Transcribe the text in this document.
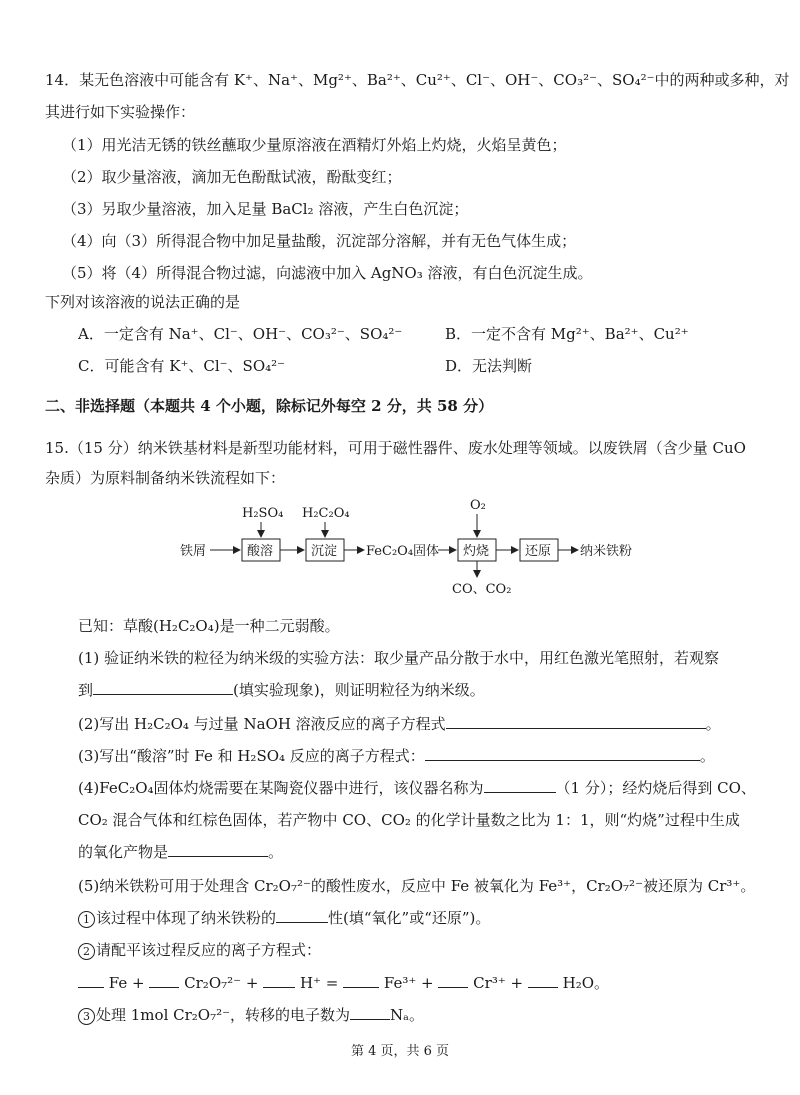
14．某无色溶液中可能含有 K⁺、Na⁺、Mg²⁺、Ba²⁺、Cu²⁺、Cl⁻、OH⁻、CO₃²⁻、SO₄²⁻中的两种或多种，对
其进行如下实验操作：
（1）用光洁无锈的铁丝蘸取少量原溶液在酒精灯外焰上灼烧，火焰呈黄色；
（2）取少量溶液，滴加无色酚酞试液，酚酞变红；
（3）另取少量溶液，加入足量 BaCl₂ 溶液，产生白色沉淀；
（4）向（3）所得混合物中加足量盐酸，沉淀部分溶解，并有无色气体生成；
（5）将（4）所得混合物过滤，向滤液中加入 AgNO₃ 溶液，有白色沉淀生成。
下列对该溶液的说法正确的是
A．一定含有 Na⁺、Cl⁻、OH⁻、CO₃²⁻、SO₄²⁻	B．一定不含有 Mg²⁺、Ba²⁺、Cu²⁺
C．可能含有 K⁺、Cl⁻、SO₄²⁻	D．无法判断
二、非选择题（本题共 4 个小题，除标记外每空 2 分，共 58 分）
15.（15 分）纳米铁基材料是新型功能材料，可用于磁性器件、废水处理等领域。以废铁屑（含少量 CuO
杂质）为原料制备纳米铁流程如下：
铁屑	酸溶
H₂SO₄
沉淀
H₂C₂O₄
FeC₂O₄固体 灼烧
O₂
CO、CO₂
还原 纳米铁粉
已知：草酸(H₂C₂O₄)是一种二元弱酸。
(1) 验证纳米铁的粒径为纳米级的实验方法：取少量产品分散于水中，用红色激光笔照射，若观察
到	(填实验现象)，则证明粒径为纳米级。
(2)写出 H₂C₂O₄ 与过量 NaOH 溶液反应的离子方程式	。
(3)写出“酸溶”时 Fe 和 H₂SO₄ 反应的离子方程式：	。
(4)FeC₂O₄固体灼烧需要在某陶瓷仪器中进行，该仪器名称为	（1 分）；经灼烧后得到 CO、
CO₂ 混合气体和红棕色固体，若产物中 CO、CO₂ 的化学计量数之比为 1：1，则“灼烧”过程中生成
的氧化产物是	。
(5)纳米铁粉可用于处理含 Cr₂O₇²⁻的酸性废水，反应中 Fe 被氧化为 Fe³⁺，Cr₂O₇²⁻被还原为 Cr³⁺。
1 该过程中体现了纳米铁粉的	性(填“氧化”或“还原”)。
2 请配平该过程反应的离子方程式：
Fe +	Cr₂O₇²⁻ +	H⁺ =	Fe³⁺ +	Cr³⁺ +	H₂O。
3 处理 1mol Cr₂O₇²⁻，转移的电子数为	Nₐ。
第 4 页，共 6 页
